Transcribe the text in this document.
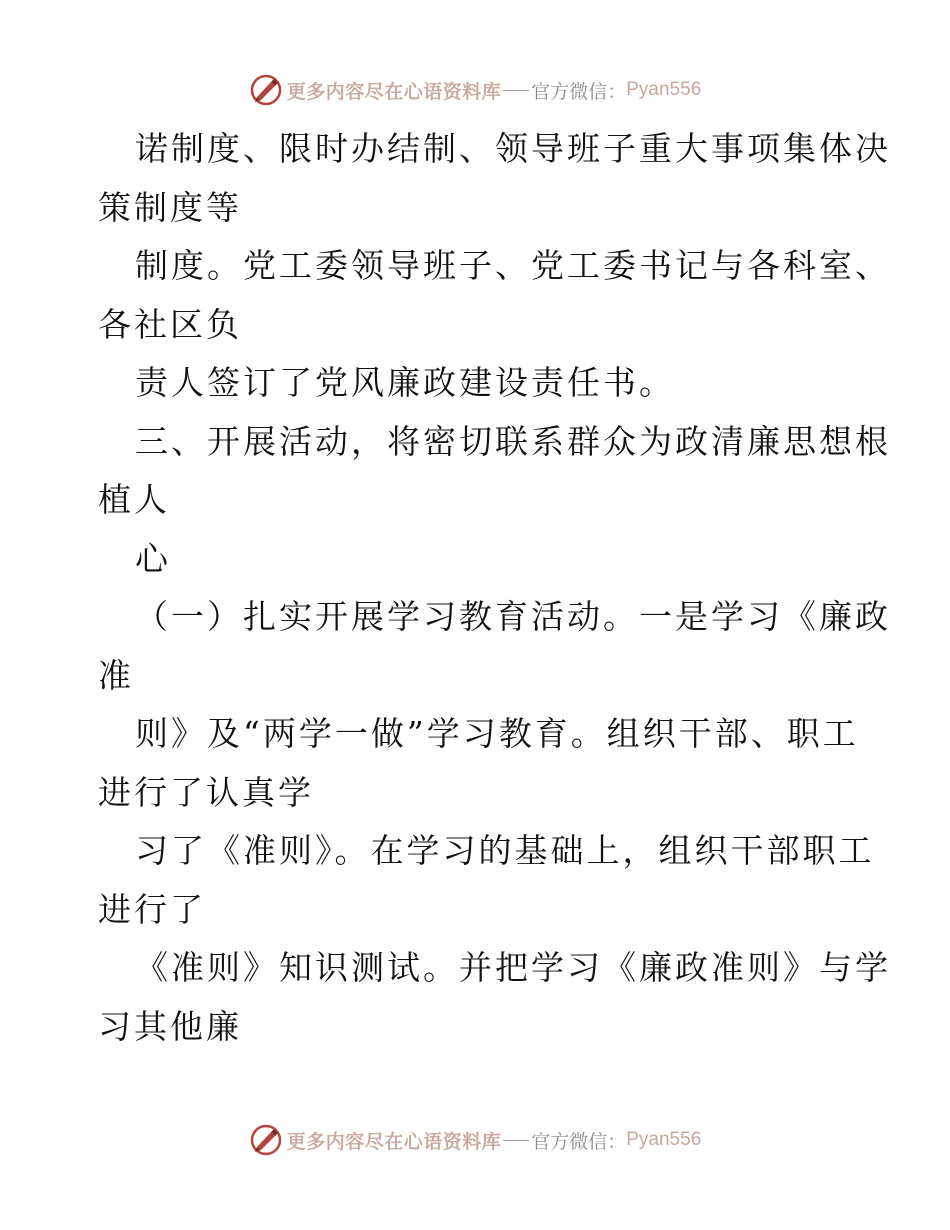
更多内容尽在心语资料库 官方微信： Pyan556
诺制度、限时办结制、领导班子重大事项集体决
策制度等
制度。党工委领导班子、党工委书记与各科室、
各社区负
责人签订了党风廉政建设责任书。
三、开展活动，将密切联系群众为政清廉思想根
植人
心
（一）扎实开展学习教育活动。一是学习《廉政
准
则》及“两学一做”学习教育。组织干部、职工
进行了认真学
习了《准则》。在学习的基础上，组织干部职工
进行了
《准则》知识测试。并把学习《廉政准则》与学
习其他廉
更多内容尽在心语资料库 官方微信： Pyan556
